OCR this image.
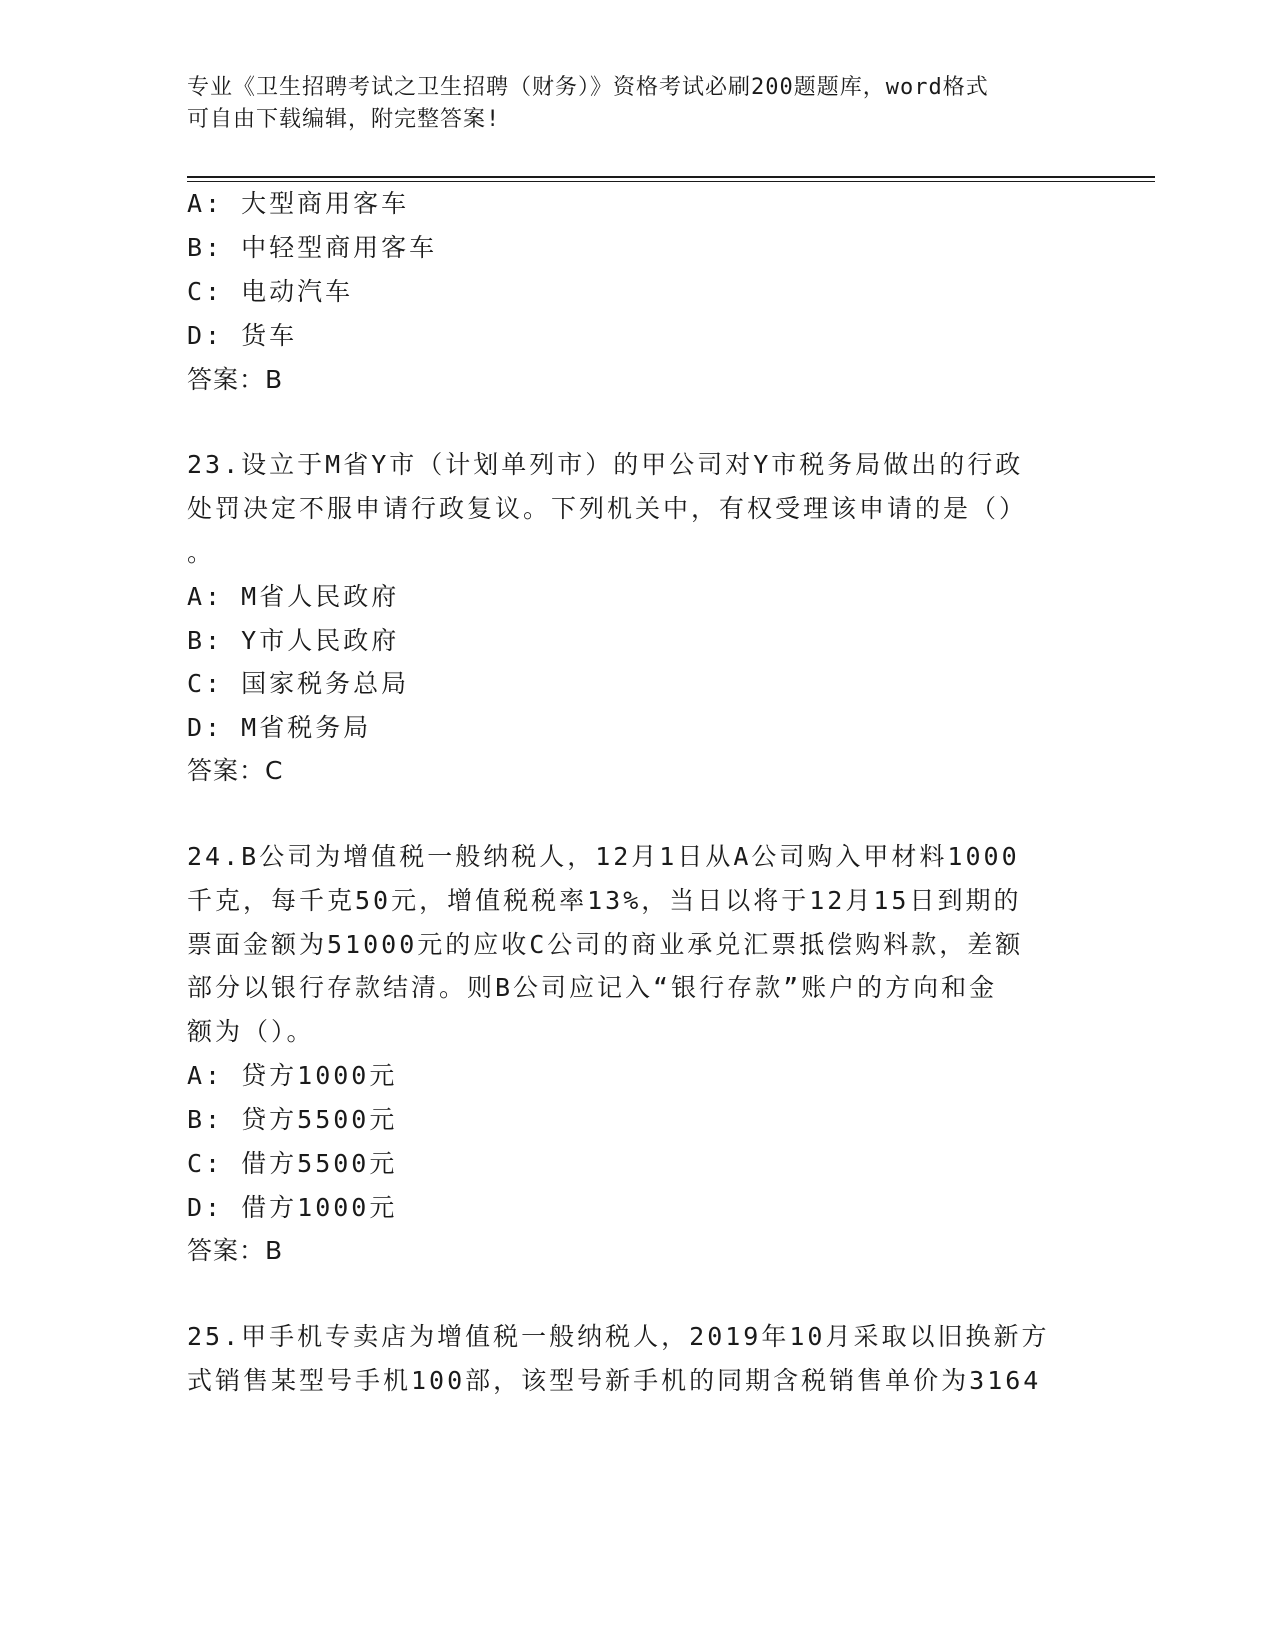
专业《卫生招聘考试之卫生招聘（财务）》资格考试必刷200题题库，word格式
可自由下载编辑，附完整答案!
A: 大型商用客车
B: 中轻型商用客车
C: 电动汽车
D: 货车
答案：B
23.设立于M省Y市（计划单列市）的甲公司对Y市税务局做出的行政
处罚决定不服申请行政复议。下列机关中，有权受理该申请的是（）
。
A: M省人民政府
B: Y市人民政府
C: 国家税务总局
D: M省税务局
答案：C
24.B公司为增值税一般纳税人，12月1日从A公司购入甲材料1000
千克，每千克50元，增值税税率13%，当日以将于12月15日到期的
票面金额为51000元的应收C公司的商业承兑汇票抵偿购料款，差额
部分以银行存款结清。则B公司应记入“银行存款”账户的方向和金
额为（）。
A: 贷方1000元
B: 贷方5500元
C: 借方5500元
D: 借方1000元
答案：B
25.甲手机专卖店为增值税一般纳税人，2019年10月采取以旧换新方
式销售某型号手机100部，该型号新手机的同期含税销售单价为3164
